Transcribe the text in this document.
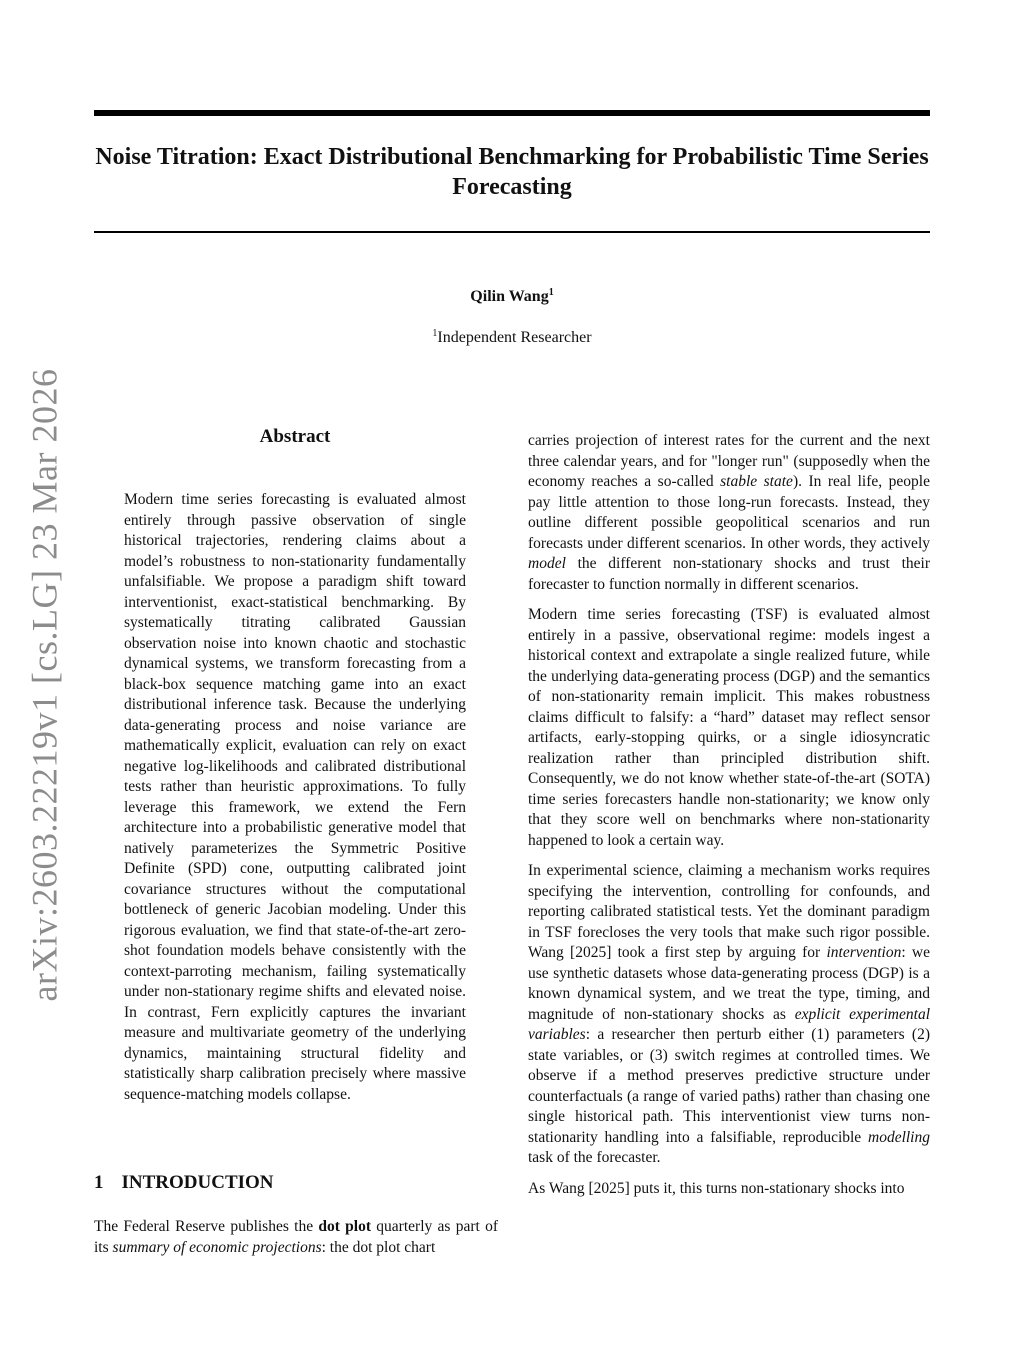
Noise Titration: Exact Distributional Benchmarking for Probabilistic Time Series Forecasting
Qilin Wang$^1$
$^1$Independent Researcher
arXiv:2603.22219v1 [cs.LG] 23 Mar 2026	Abstract

Modern time series forecasting is evaluated almost entirely through passive observation of single historical trajectories, rendering claims about a model’s robustness to non-stationarity fundamentally unfalsifiable. We propose a paradigm shift toward interventionist, exact-statistical benchmarking. By systematically titrating calibrated Gaussian observation noise into known chaotic and stochastic dynamical systems, we transform forecasting from a black-box sequence matching game into an exact distributional inference task. Because the underlying data-generating process and noise variance are mathematically explicit, evaluation can rely on exact negative log-likelihoods and calibrated distributional tests rather than heuristic approximations. To fully leverage this framework, we extend the Fern architecture into a probabilistic generative model that natively parameterizes the Symmetric Positive Definite (SPD) cone, outputting calibrated joint covariance structures without the computational bottleneck of generic Jacobian modeling. Under this rigorous evaluation, we find that state-of-the-art zero-shot foundation models behave consistently with the context-parroting mechanism, failing systematically under non-stationary regime shifts and elevated noise. In contrast, Fern explicitly captures the invariant measure and multivariate geometry of the underlying dynamics, maintaining structural fidelity and statistically sharp calibration precisely where massive sequence-matching models collapse.

1 INTRODUCTION

The Federal Reserve publishes the dot plot quarterly as part of its summary of economic projections: the dot plot chart

carries projection of interest rates for the current and the next three calendar years, and for "longer run" (supposedly when the economy reaches a so-called stable state). In real life, people pay little attention to those long-run forecasts. Instead, they outline different possible geopolitical scenarios and run forecasts under different scenarios. In other words, they actively model the different non-stationary shocks and trust their forecaster to function normally in different scenarios.

Modern time series forecasting (TSF) is evaluated almost entirely in a passive, observational regime: models ingest a historical context and extrapolate a single realized future, while the underlying data-generating process (DGP) and the semantics of non-stationarity remain implicit. This makes robustness claims difficult to falsify: a “hard” dataset may reflect sensor artifacts, early-stopping quirks, or a single idiosyncratic realization rather than principled distribution shift. Consequently, we do not know whether state-of-the-art (SOTA) time series forecasters handle non-stationarity; we know only that they score well on benchmarks where non-stationarity happened to look a certain way.

In experimental science, claiming a mechanism works requires specifying the intervention, controlling for confounds, and reporting calibrated statistical tests. Yet the dominant paradigm in TSF forecloses the very tools that make such rigor possible. Wang [2025] took a first step by arguing for intervention: we use synthetic datasets whose data-generating process (DGP) is a known dynamical system, and we treat the type, timing, and magnitude of non-stationary shocks as explicit experimental variables: a researcher then perturb either (1) parameters (2) state variables, or (3) switch regimes at controlled times. We observe if a method preserves predictive structure under counterfactuals (a range of varied paths) rather than chasing one single historical path. This interventionist view turns non-stationarity handling into a falsifiable, reproducible modelling task of the forecaster.

As Wang [2025] puts it, this turns non-stationary shocks into
